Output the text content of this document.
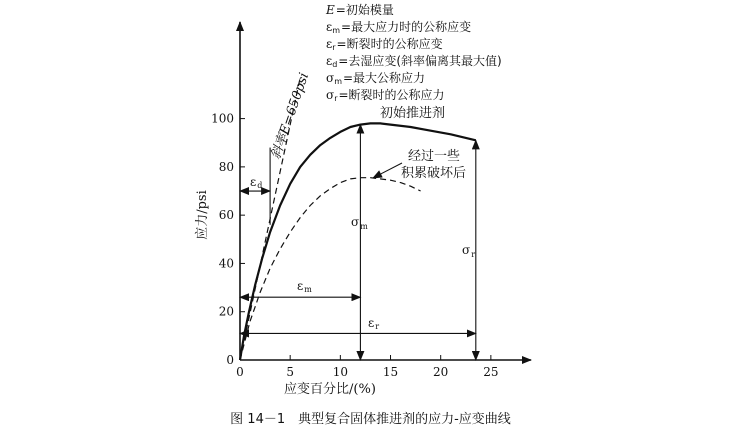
0	5	10	15	20	25
0
20
40
60
80
100
应力/psi
应变百分比/(%)
斜率E=650psi	初始推进剂
经过一些
积累破坏后
εd
εm
εr
$\sigma_m$
$\sigma_r$
E=初始模量
$\varepsilon_m=$最大应力时的公称应变
$\varepsilon_r=$断裂时的公称应变
$\varepsilon_d=$去湿应变(斜率偏离其最大值)
$\sigma_m=$最大公称应力
$\sigma_r=$断裂时的公称应力
图 14－1　典型复合固体推进剂的应力-应变曲线
